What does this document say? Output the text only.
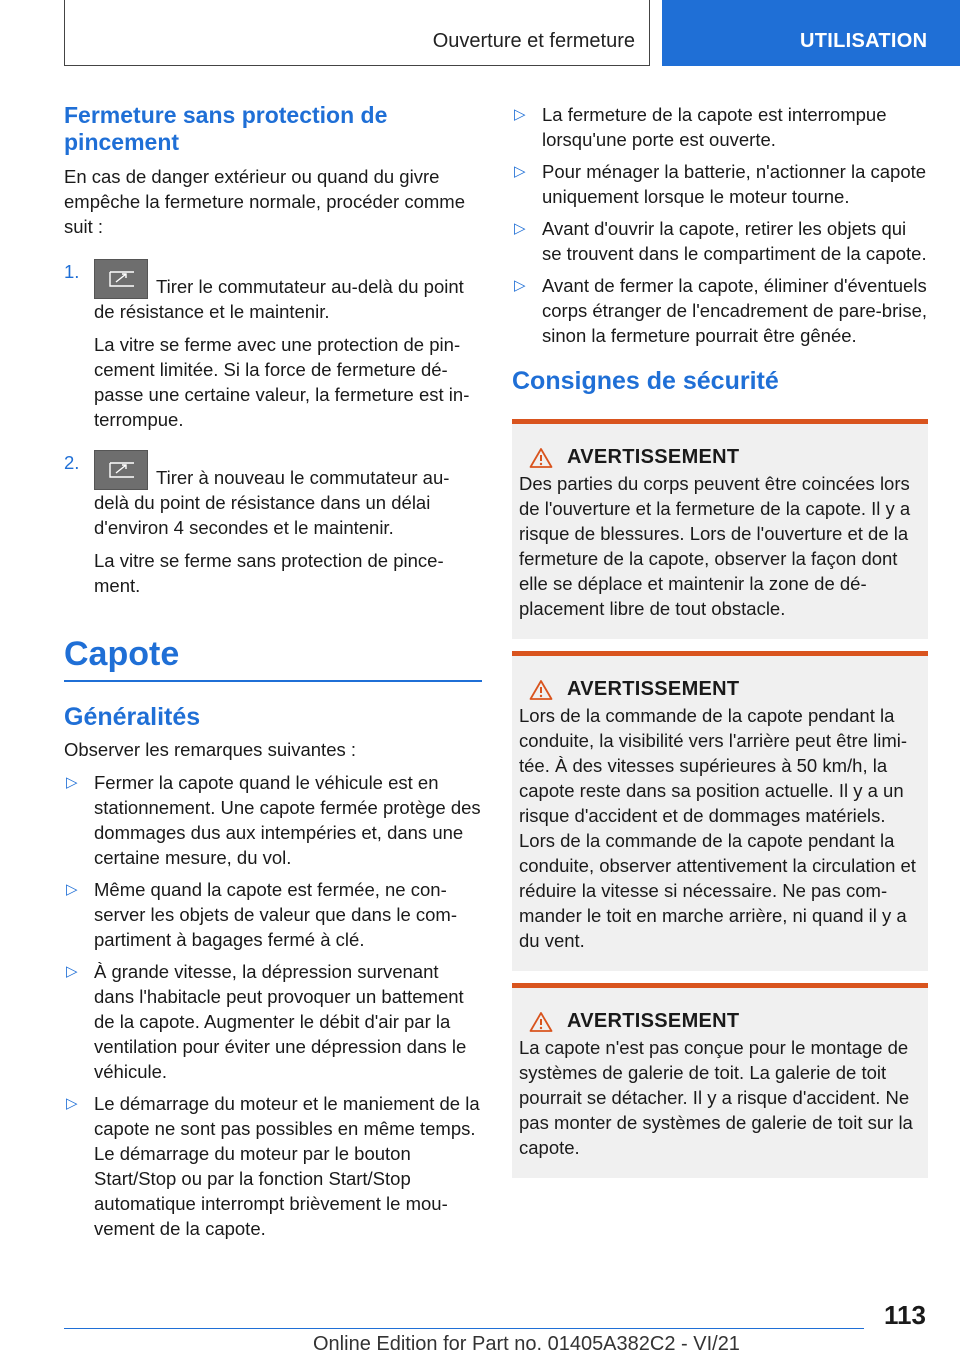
Ouverture et fermeture	UTILISATION
Fermeture sans protection de pincement
En cas de danger extérieur ou quand du givre empêche la fermeture normale, procéder comme suit :
1.
Tirer le commutateur au-delà du point de résistance et le maintenir.
La vitre se ferme avec une protection de pincement limitée. Si la force de fermeture dépasse une certaine valeur, la fermeture est interrompue.
2.
Tirer à nouveau le commutateur au-delà du point de résistance dans un délai d'environ 4 secondes et le maintenir.
La vitre se ferme sans protection de pincement.
Capote
Généralités
Observer les remarques suivantes :
▷ Fermer la capote quand le véhicule est en stationnement. Une capote fermée protège des dommages dus aux intempéries et, dans une certaine mesure, du vol.
▷ Même quand la capote est fermée, ne conserver les objets de valeur que dans le compartiment à bagages fermé à clé.
▷ À grande vitesse, la dépression survenant dans l'habitacle peut provoquer un battement de la capote. Augmenter le débit d'air par la ventilation pour éviter une dépression dans le véhicule.
▷ Le démarrage du moteur et le maniement de la capote ne sont pas possibles en même temps. Le démarrage du moteur par le bouton Start/Stop ou par la fonction Start/Stop automatique interrompt brièvement le mouvement de la capote.
▷ La fermeture de la capote est interrompue lorsqu'une porte est ouverte.
▷ Pour ménager la batterie, n'actionner la capote uniquement lorsque le moteur tourne.
▷ Avant d'ouvrir la capote, retirer les objets qui se trouvent dans le compartiment de la capote.
▷ Avant de fermer la capote, éliminer d'éventuels corps étranger de l'encadrement de pare-brise, sinon la fermeture pourrait être gênée.
Consignes de sécurité
AVERTISSEMENT
Des parties du corps peuvent être coincées lors de l'ouverture et la fermeture de la capote. Il y a risque de blessures. Lors de l'ouverture et de la fermeture de la capote, observer la façon dont elle se déplace et maintenir la zone de déplacement libre de tout obstacle.
AVERTISSEMENT
Lors de la commande de la capote pendant la conduite, la visibilité vers l'arrière peut être limitée. À des vitesses supérieures à 50 km/h, la capote reste dans sa position actuelle. Il y a un risque d'accident et de dommages matériels. Lors de la commande de la capote pendant la conduite, observer attentivement la circulation et réduire la vitesse si nécessaire. Ne pas commander le toit en marche arrière, ni quand il y a du vent.
AVERTISSEMENT
La capote n'est pas conçue pour le montage de systèmes de galerie de toit. La galerie de toit pourrait se détacher. Il y a risque d'accident. Ne pas monter de systèmes de galerie de toit sur la capote.
113
Online Edition for Part no. 01405A382C2 - VI/21
